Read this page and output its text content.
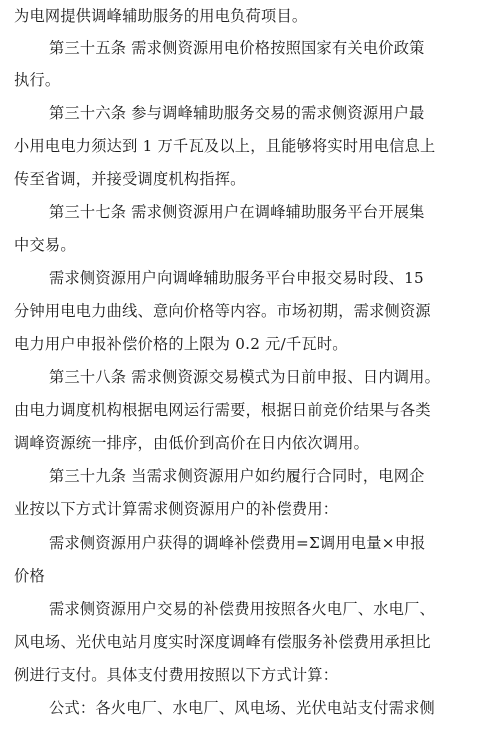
为电网提供调峰辅助服务的用电负荷项目。
第三十五条 需求侧资源用电价格按照国家有关电价政策
执行。
第三十六条 参与调峰辅助服务交易的需求侧资源用户最
小用电电力须达到 1 万千瓦及以上，且能够将实时用电信息上
传至省调，并接受调度机构指挥。
第三十七条 需求侧资源用户在调峰辅助服务平台开展集
中交易。
需求侧资源用户向调峰辅助服务平台申报交易时段、15
分钟用电电力曲线、意向价格等内容。市场初期，需求侧资源
电力用户申报补偿价格的上限为 0.2 元/千瓦时。
第三十八条 需求侧资源交易模式为日前申报、日内调用。
由电力调度机构根据电网运行需要，根据日前竞价结果与各类
调峰资源统一排序，由低价到高价在日内依次调用。
第三十九条 当需求侧资源用户如约履行合同时，电网企
业按以下方式计算需求侧资源用户的补偿费用：
需求侧资源用户获得的调峰补偿费用=Σ调用电量×申报
价格
需求侧资源用户交易的补偿费用按照各火电厂、水电厂、
风电场、光伏电站月度实时深度调峰有偿服务补偿费用承担比
例进行支付。具体支付费用按照以下方式计算：
公式：各火电厂、水电厂、风电场、光伏电站支付需求侧
